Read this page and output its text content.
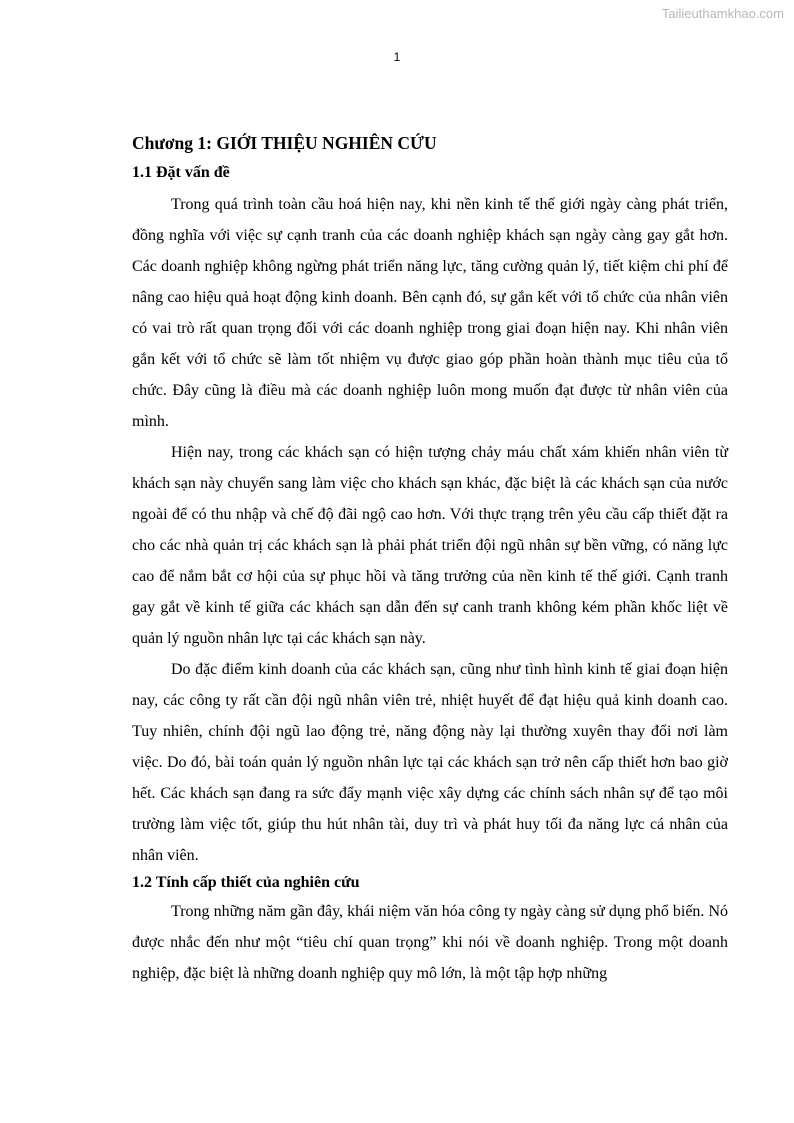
Tailieuthamkhao.com
1
Chương 1: GIỚI THIỆU NGHIÊN CỨU
1.1 Đặt vấn đề

Trong quá trình toàn cầu hoá hiện nay, khi nền kinh tế thế giới ngày càng phát triển, đồng nghĩa với việc sự cạnh tranh của các doanh nghiệp khách sạn ngày càng gay gắt hơn. Các doanh nghiệp không ngừng phát triển năng lực, tăng cường quản lý, tiết kiệm chi phí để nâng cao hiệu quả hoạt động kinh doanh. Bên cạnh đó, sự gắn kết với tổ chức của nhân viên có vai trò rất quan trọng đối với các doanh nghiệp trong giai đoạn hiện nay. Khi nhân viên gắn kết với tổ chức sẽ làm tốt nhiệm vụ được giao góp phần hoàn thành mục tiêu của tổ chức. Đây cũng là điều mà các doanh nghiệp luôn mong muốn đạt được từ nhân viên của mình.

Hiện nay, trong các khách sạn có hiện tượng chảy máu chất xám khiến nhân viên từ khách sạn này chuyển sang làm việc cho khách sạn khác, đặc biệt là các khách sạn của nước ngoài để có thu nhập và chế độ đãi ngộ cao hơn. Với thực trạng trên yêu cầu cấp thiết đặt ra cho các nhà quản trị các khách sạn là phải phát triển đội ngũ nhân sự bền vững, có năng lực cao để nắm bắt cơ hội của sự phục hồi và tăng trưởng của nền kinh tế thế giới. Cạnh tranh gay gắt về kinh tế giữa các khách sạn dẫn đến sự canh tranh không kém phần khốc liệt về quản lý nguồn nhân lực tại các khách sạn này.

Do đặc điểm kinh doanh của các khách sạn, cũng như tình hình kinh tế giai đoạn hiện nay, các công ty rất cần đội ngũ nhân viên trẻ, nhiệt huyết để đạt hiệu quả kinh doanh cao. Tuy nhiên, chính đội ngũ lao động trẻ, năng động này lại thường xuyên thay đổi nơi làm việc. Do đó, bài toán quản lý nguồn nhân lực tại các khách sạn trở nên cấp thiết hơn bao giờ hết. Các khách sạn đang ra sức đẩy mạnh việc xây dựng các chính sách nhân sự để tạo môi trường làm việc tốt, giúp thu hút nhân tài, duy trì và phát huy tối đa năng lực cá nhân của nhân viên.

1.2 Tính cấp thiết của nghiên cứu

Trong những năm gần đây, khái niệm văn hóa công ty ngày càng sử dụng phổ biến. Nó được nhắc đến như một “tiêu chí quan trọng” khi nói về doanh nghiệp. Trong một doanh nghiệp, đặc biệt là những doanh nghiệp quy mô lớn, là một tập hợp những
